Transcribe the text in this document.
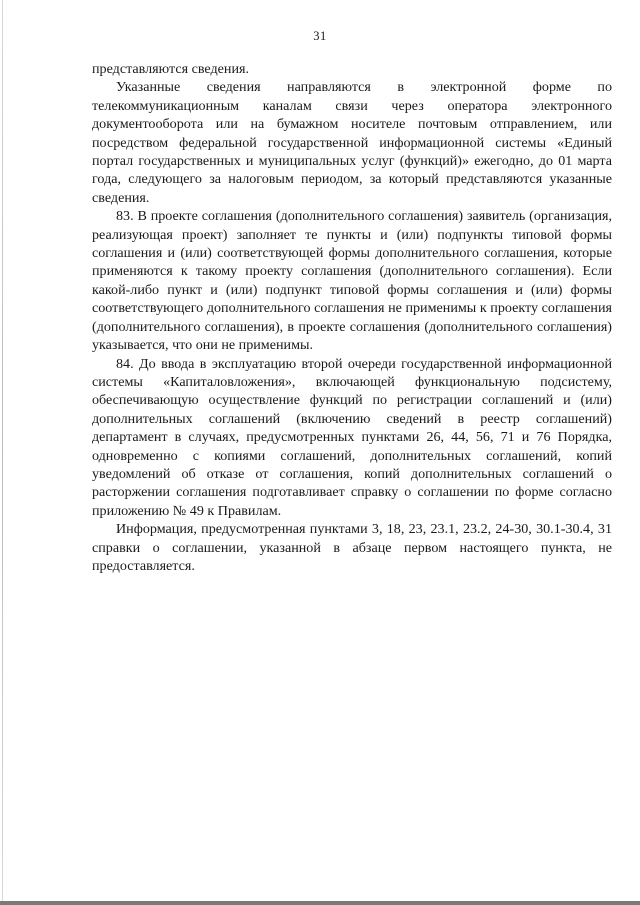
31

представляются сведения.

Указанные сведения направляются в электронной форме по телекоммуникационным каналам связи через оператора электронного документооборота или на бумажном носителе почтовым отправлением, или посредством федеральной государственной информационной системы «Единый портал государственных и муниципальных услуг (функций)» ежегодно, до 01 марта года, следующего за налоговым периодом, за который представляются указанные сведения.

83. В проекте соглашения (дополнительного соглашения) заявитель (организация, реализующая проект) заполняет те пункты и (или) подпункты типовой формы соглашения и (или) соответствующей формы дополнительного соглашения, которые применяются к такому проекту соглашения (дополнительного соглашения). Если какой-либо пункт и (или) подпункт типовой формы соглашения и (или) формы соответствующего дополнительного соглашения не применимы к проекту соглашения (дополнительного соглашения), в проекте соглашения (дополнительного соглашения) указывается, что они не применимы.

84. До ввода в эксплуатацию второй очереди государственной информационной системы «Капиталовложения», включающей функциональную подсистему, обеспечивающую осуществление функций по регистрации соглашений и (или) дополнительных соглашений (включению сведений в реестр соглашений) департамент в случаях, предусмотренных пунктами 26, 44, 56, 71 и 76 Порядка, одновременно с копиями соглашений, дополнительных соглашений, копий уведомлений об отказе от соглашения, копий дополнительных соглашений о расторжении соглашения подготавливает справку о соглашении по форме согласно приложению № 49 к Правилам.

Информация, предусмотренная пунктами 3, 18, 23, 23.1, 23.2, 24-30, 30.1-30.4, 31 справки о соглашении, указанной в абзаце первом настоящего пункта, не предоставляется.
